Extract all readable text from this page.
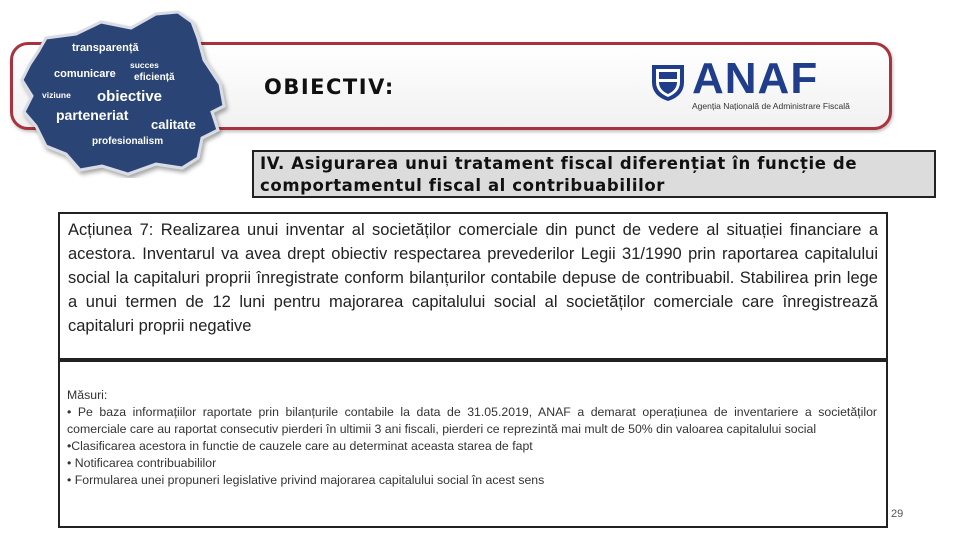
transparență
succes
comunicare eficiență
viziune obiective
parteneriat
calitate
profesionalism
OBIECTIV:	ANAF
Agenția Națională de Administrare Fiscală
IV. Asigurarea unui tratament fiscal diferențiat în funcție de comportamentul fiscal al contribuabililor
Acțiunea 7: Realizarea unui inventar al societăților comerciale din punct de vedere al situației financiare a acestora. Inventarul va avea drept obiectiv respectarea prevederilor Legii 31/1990 prin raportarea capitalului social la capitaluri proprii înregistrate conform bilanțurilor contabile depuse de contribuabil. Stabilirea prin lege a unui termen de 12 luni pentru majorarea capitalului social al societăților comerciale care înregistrează capitaluri proprii negative

Măsuri:

• Pe baza informațiilor raportate prin bilanțurile contabile la data de 31.05.2019, ANAF a demarat operațiunea de inventariere a societăților comerciale care au raportat consecutiv pierderi în ultimii 3 ani fiscali, pierderi ce reprezintă mai mult de 50% din valoarea capitalului social

•Clasificarea acestora in functie de cauzele care au determinat aceasta starea de fapt

• Notificarea contribuabililor

• Formularea unei propuneri legislative privind majorarea capitalului social în acest sens

29
